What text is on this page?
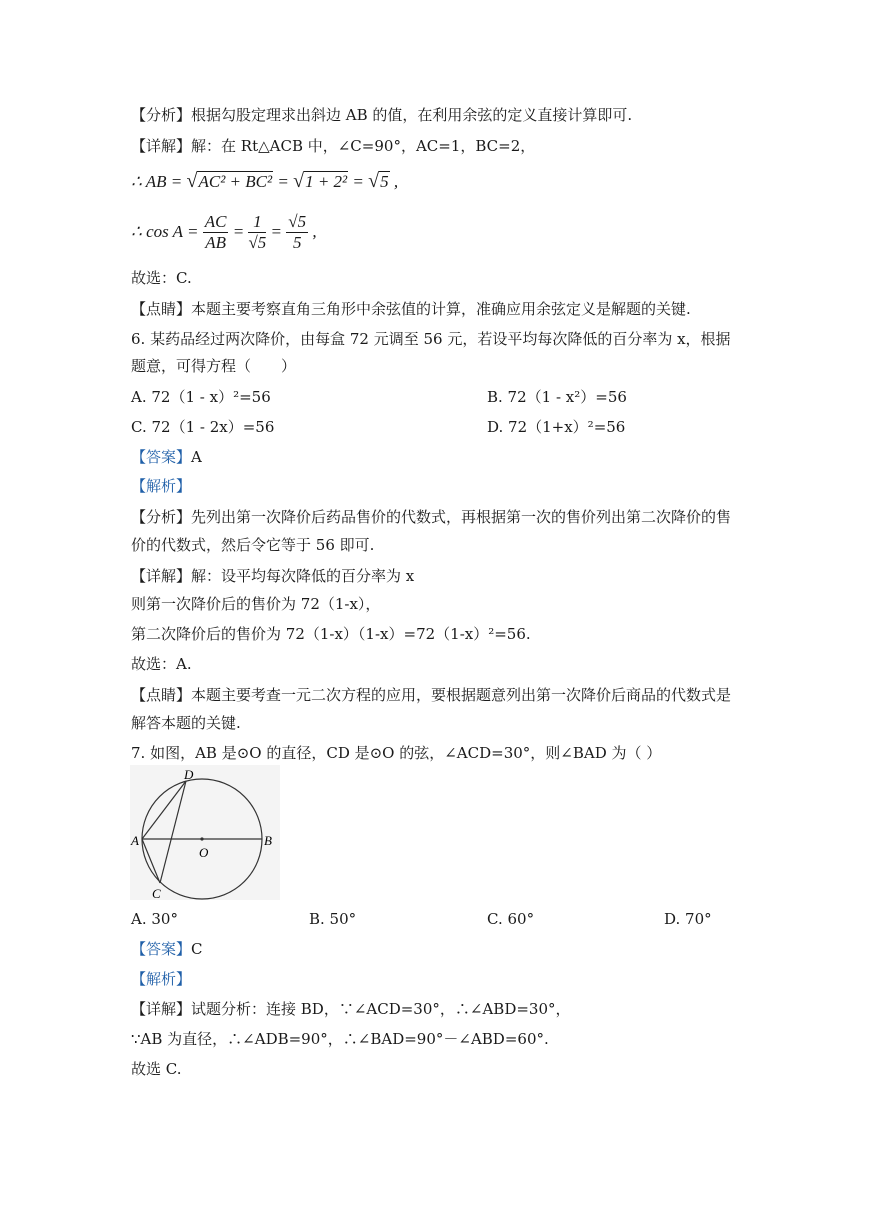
【分析】根据勾股定理求出斜边 AB 的值，在利用余弦的定义直接计算即可.
【详解】解：在 Rt△ACB 中，∠C=90°，AC=1，BC=2，
∴ AB = √AC² + BC² = √1 + 2² = √5 ,
∴ $\cos A = \frac{AC}{AB} = \frac{1}{√5} = \frac{√5}{5}$ ,
故选：C.
【点睛】本题主要考察直角三角形中余弦值的计算，准确应用余弦定义是解题的关键.
6. 某药品经过两次降价，由每盒 72 元调至 56 元，若设平均每次降低的百分率为 x，根据
题意，可得方程（　　）
A. 72（1 - x）²=56	B. 72（1 - x²）=56
C. 72（1 - 2x）=56	D. 72（1+x）²=56
【答案】A
【解析】
【分析】先列出第一次降价后药品售价的代数式，再根据第一次的售价列出第二次降价的售
价的代数式，然后令它等于 56 即可.
【详解】解：设平均每次降低的百分率为 x
则第一次降价后的售价为 72（1-x），
第二次降价后的售价为 72（1-x）（1-x）=72（1-x）²=56.
故选：A.
【点睛】本题主要考查一元二次方程的应用，要根据题意列出第一次降价后商品的代数式是
解答本题的关键.
7. 如图，AB 是⊙O 的直径，CD 是⊙O 的弦，∠ACD=30°，则∠BAD 为（ ）
D
A	B
O
C
A. 30°	B. 50°	C. 60°	D. 70°
【答案】C
【解析】
【详解】试题分析：连接 BD，∵∠ACD=30°，∴∠ABD=30°，
∵AB 为直径，∴∠ADB=90°，∴∠BAD=90°－∠ABD=60°.
故选 C.
